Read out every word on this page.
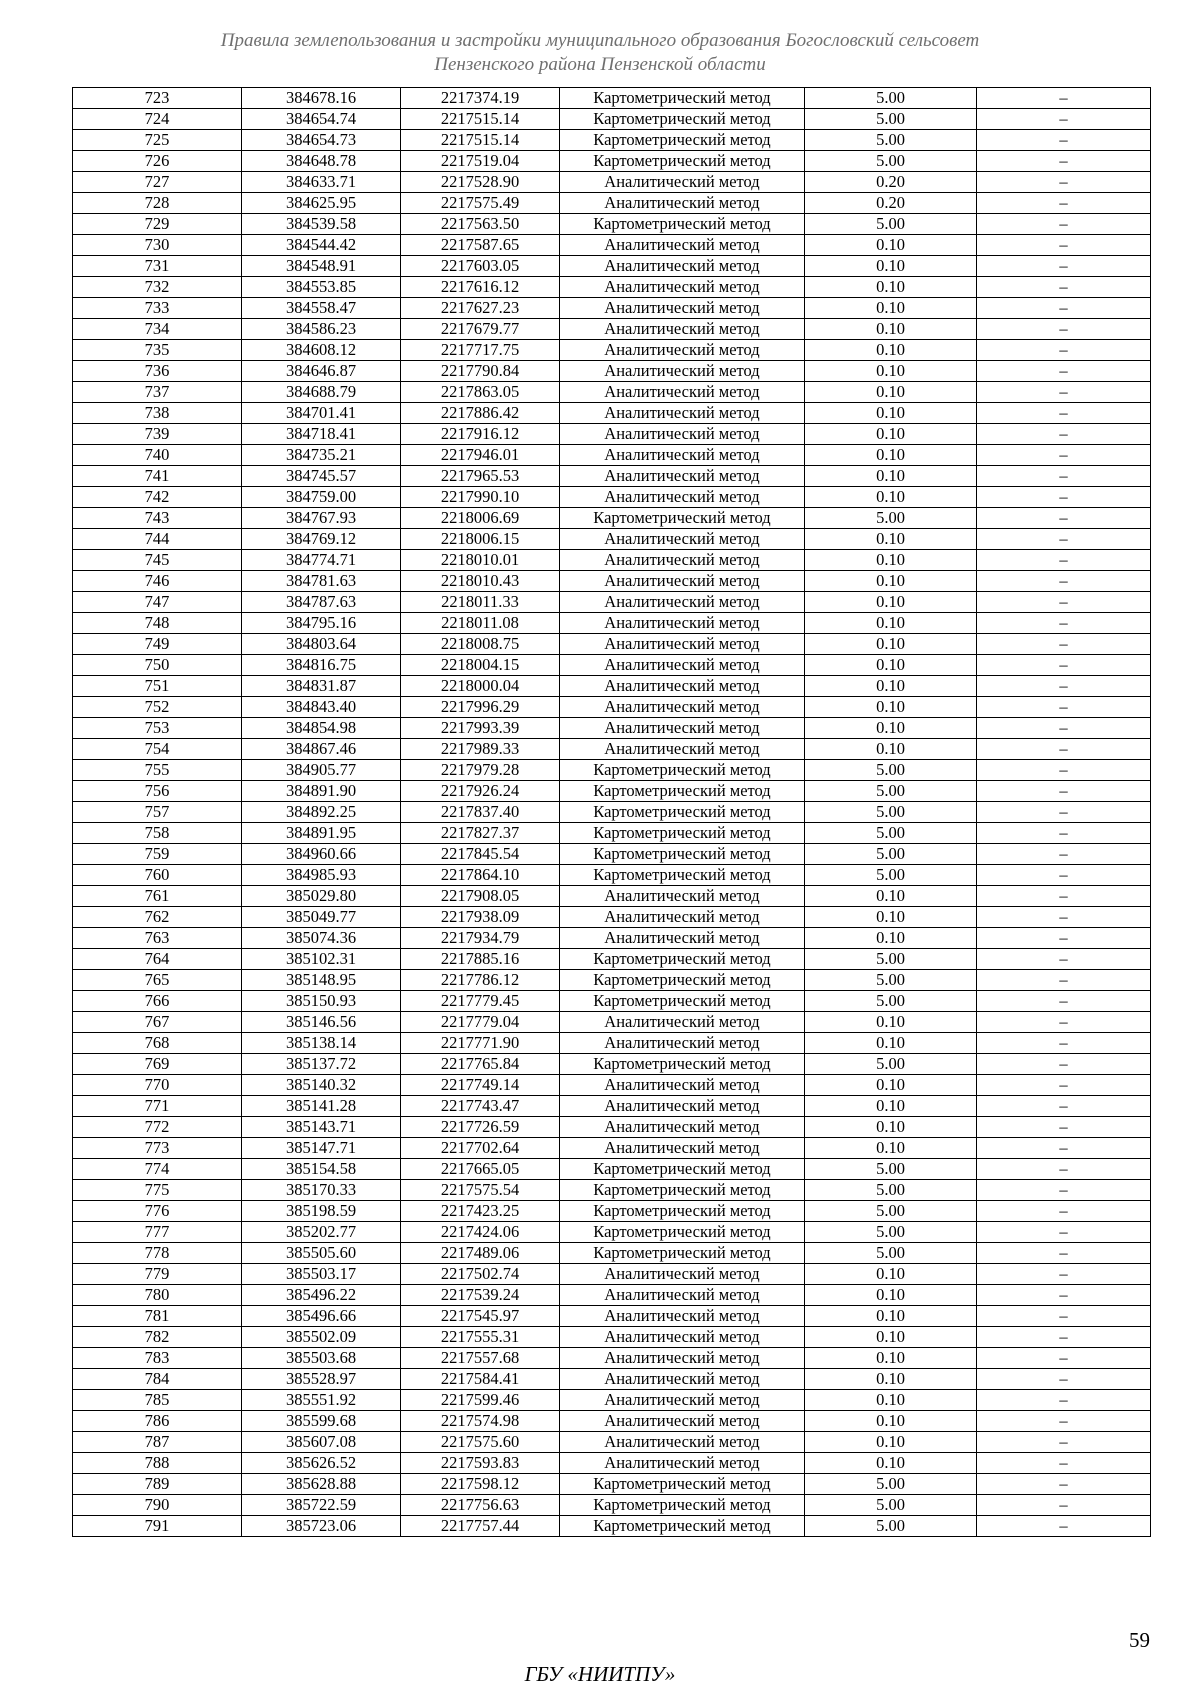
Правила землепользования и застройки муниципального образования Богословский сельсовет
Пензенского района Пензенской области
723	384678.16	2217374.19	Картометрический метод	5.00	–
724	384654.74	2217515.14	Картометрический метод	5.00	–
725	384654.73	2217515.14	Картометрический метод	5.00	–
726	384648.78	2217519.04	Картометрический метод	5.00	–
727	384633.71	2217528.90	Аналитический метод	0.20	–
728	384625.95	2217575.49	Аналитический метод	0.20	–
729	384539.58	2217563.50	Картометрический метод	5.00	–
730	384544.42	2217587.65	Аналитический метод	0.10	–
731	384548.91	2217603.05	Аналитический метод	0.10	–
732	384553.85	2217616.12	Аналитический метод	0.10	–
733	384558.47	2217627.23	Аналитический метод	0.10	–
734	384586.23	2217679.77	Аналитический метод	0.10	–
735	384608.12	2217717.75	Аналитический метод	0.10	–
736	384646.87	2217790.84	Аналитический метод	0.10	–
737	384688.79	2217863.05	Аналитический метод	0.10	–
738	384701.41	2217886.42	Аналитический метод	0.10	–
739	384718.41	2217916.12	Аналитический метод	0.10	–
740	384735.21	2217946.01	Аналитический метод	0.10	–
741	384745.57	2217965.53	Аналитический метод	0.10	–
742	384759.00	2217990.10	Аналитический метод	0.10	–
743	384767.93	2218006.69	Картометрический метод	5.00	–
744	384769.12	2218006.15	Аналитический метод	0.10	–
745	384774.71	2218010.01	Аналитический метод	0.10	–
746	384781.63	2218010.43	Аналитический метод	0.10	–
747	384787.63	2218011.33	Аналитический метод	0.10	–
748	384795.16	2218011.08	Аналитический метод	0.10	–
749	384803.64	2218008.75	Аналитический метод	0.10	–
750	384816.75	2218004.15	Аналитический метод	0.10	–
751	384831.87	2218000.04	Аналитический метод	0.10	–
752	384843.40	2217996.29	Аналитический метод	0.10	–
753	384854.98	2217993.39	Аналитический метод	0.10	–
754	384867.46	2217989.33	Аналитический метод	0.10	–
755	384905.77	2217979.28	Картометрический метод	5.00	–
756	384891.90	2217926.24	Картометрический метод	5.00	–
757	384892.25	2217837.40	Картометрический метод	5.00	–
758	384891.95	2217827.37	Картометрический метод	5.00	–
759	384960.66	2217845.54	Картометрический метод	5.00	–
760	384985.93	2217864.10	Картометрический метод	5.00	–
761	385029.80	2217908.05	Аналитический метод	0.10	–
762	385049.77	2217938.09	Аналитический метод	0.10	–
763	385074.36	2217934.79	Аналитический метод	0.10	–
764	385102.31	2217885.16	Картометрический метод	5.00	–
765	385148.95	2217786.12	Картометрический метод	5.00	–
766	385150.93	2217779.45	Картометрический метод	5.00	–
767	385146.56	2217779.04	Аналитический метод	0.10	–
768	385138.14	2217771.90	Аналитический метод	0.10	–
769	385137.72	2217765.84	Картометрический метод	5.00	–
770	385140.32	2217749.14	Аналитический метод	0.10	–
771	385141.28	2217743.47	Аналитический метод	0.10	–
772	385143.71	2217726.59	Аналитический метод	0.10	–
773	385147.71	2217702.64	Аналитический метод	0.10	–
774	385154.58	2217665.05	Картометрический метод	5.00	–
775	385170.33	2217575.54	Картометрический метод	5.00	–
776	385198.59	2217423.25	Картометрический метод	5.00	–
777	385202.77	2217424.06	Картометрический метод	5.00	–
778	385505.60	2217489.06	Картометрический метод	5.00	–
779	385503.17	2217502.74	Аналитический метод	0.10	–
780	385496.22	2217539.24	Аналитический метод	0.10	–
781	385496.66	2217545.97	Аналитический метод	0.10	–
782	385502.09	2217555.31	Аналитический метод	0.10	–
783	385503.68	2217557.68	Аналитический метод	0.10	–
784	385528.97	2217584.41	Аналитический метод	0.10	–
785	385551.92	2217599.46	Аналитический метод	0.10	–
786	385599.68	2217574.98	Аналитический метод	0.10	–
787	385607.08	2217575.60	Аналитический метод	0.10	–
788	385626.52	2217593.83	Аналитический метод	0.10	–
789	385628.88	2217598.12	Картометрический метод	5.00	–
790	385722.59	2217756.63	Картометрический метод	5.00	–
791	385723.06	2217757.44	Картометрический метод	5.00	–
59
ГБУ «НИИТПУ»
